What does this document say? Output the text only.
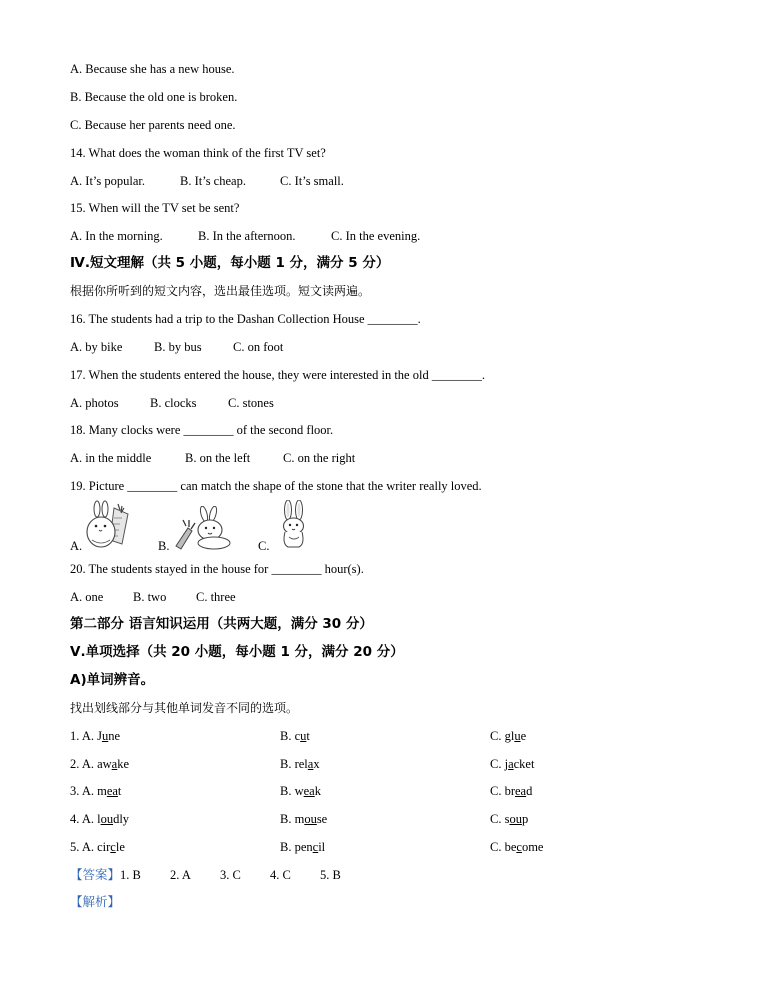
A. Because she has a new house.
B. Because the old one is broken.
C. Because her parents need one.
14. What does the woman think of the first TV set?
A. It’s popular.	B. It’s cheap.	C. It’s small.
15. When will the TV set be sent?
A. In the morning.	B. In the afternoon.	C. In the evening.
Ⅳ.短文理解（共 5 小题，每小题 1 分，满分 5 分）
根据你所听到的短文内容，选出最佳选项。短文读两遍。
16. The students had a trip to the Dashan Collection House ________.
A. by bike	B. by bus	C. on foot
17. When the students entered the house, they were interested in the old ________.
A. photos	B. clocks	C. stones
18. Many clocks were ________ of the second floor.
A. in the middle	B. on the left	C. on the right
19. Picture ________ can match the shape of the stone that the writer really loved.
A.	B.	C.
20. The students stayed in the house for ________ hour(s).
A. one B. two C. three
第二部分 语言知识运用（共两大题，满分 30 分）
Ⅴ.单项选择（共 20 小题，每小题 1 分，满分 20 分）
A)单词辨音。
找出划线部分与其他单词发音不同的选项。
1. A. June	B. cut	C. glue
2. A. awake	B. relax	C. jacket
3. A. meat	B. weak	C. bread
4. A. loudly	B. mouse	C. soup
5. A. circle	B. pencil	C. become
【答案】1. B 2. A 3. C 4. C 5. B
【解析】
